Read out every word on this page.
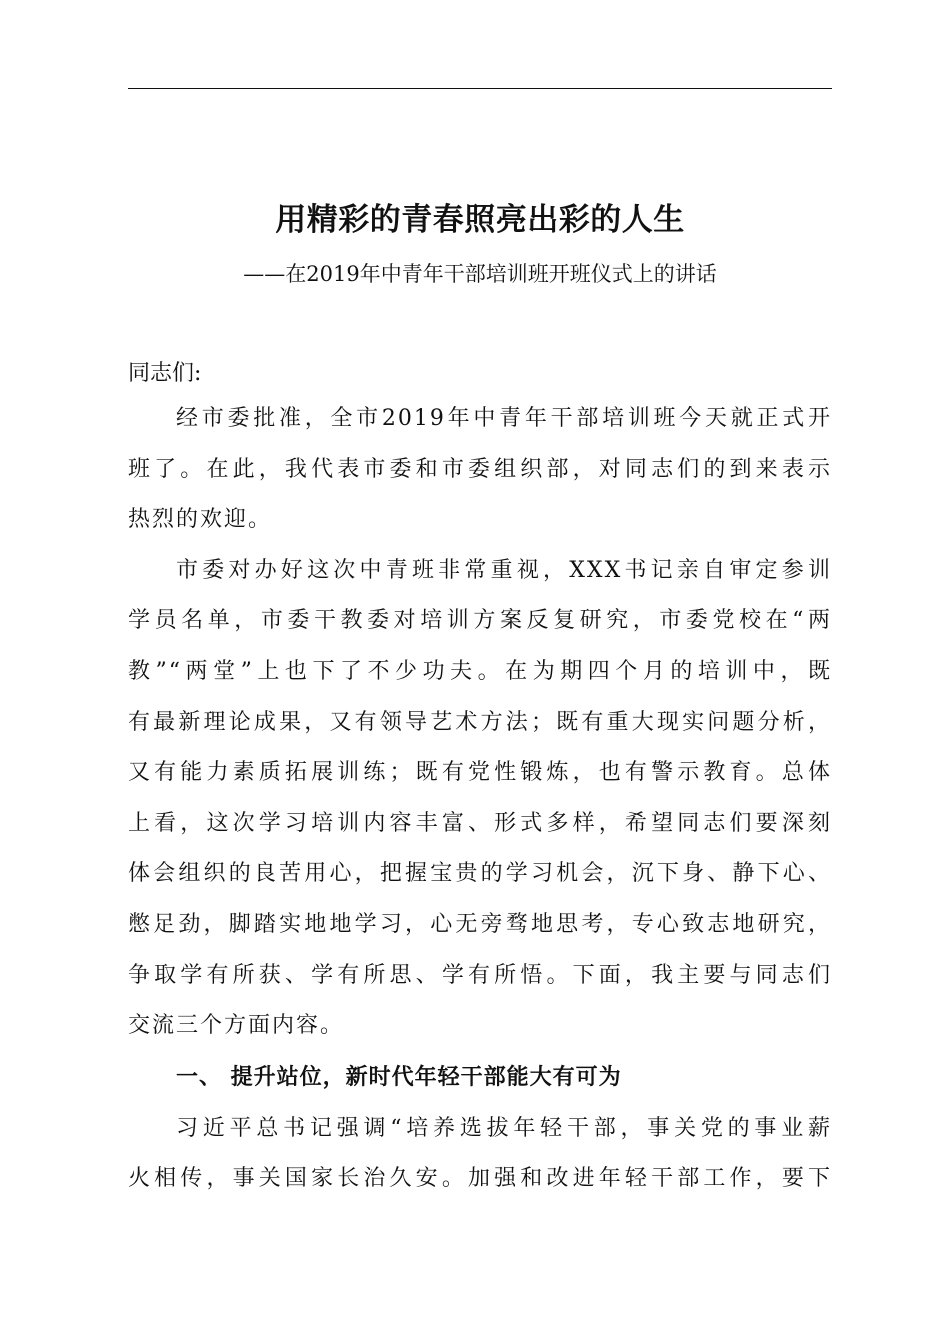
用精彩的青春照亮出彩的人生
——在2019年中青年干部培训班开班仪式上的讲话
同志们:
经市委批准，全市2019年中青年干部培训班今天就正式开
班了。在此，我代表市委和市委组织部，对同志们的到来表示
热烈的欢迎。
市委对办好这次中青班非常重视，XXX书记亲自审定参训
学员名单，市委干教委对培训方案反复研究，市委党校在“两
教”“两堂”上也下了不少功夫。在为期四个月的培训中，既
有最新理论成果，又有领导艺术方法；既有重大现实问题分析，
又有能力素质拓展训练；既有党性锻炼，也有警示教育。总体
上看，这次学习培训内容丰富、形式多样，希望同志们要深刻
体会组织的良苦用心，把握宝贵的学习机会，沉下身、静下心、
憋足劲，脚踏实地地学习，心无旁骛地思考，专心致志地研究，
争取学有所获、学有所思、学有所悟。下面，我主要与同志们
交流三个方面内容。
一、 提升站位，新时代年轻干部能大有可为
习近平总书记强调“培养选拔年轻干部，事关党的事业薪
火相传，事关国家长治久安。加强和改进年轻干部工作，要下
